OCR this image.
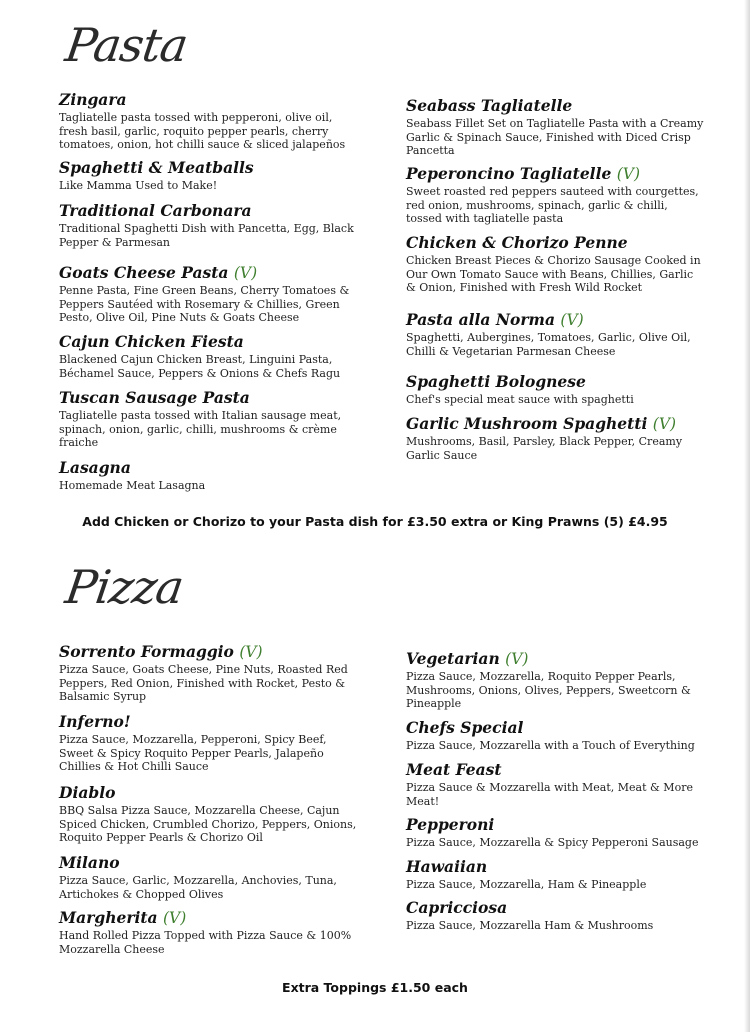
Pasta
Zingara
Tagliatelle pasta tossed with pepperoni, olive oil, fresh basil, garlic, roquito pepper pearls, cherry tomatoes, onion, hot chilli sauce & sliced jalapeños
Spaghetti & Meatballs
Like Mamma Used to Make!
Traditional Carbonara
Traditional Spaghetti Dish with Pancetta, Egg, Black Pepper & Parmesan
Goats Cheese Pasta (V)
Penne Pasta, Fine Green Beans, Cherry Tomatoes & Peppers Sautéed with Rosemary & Chillies, Green Pesto, Olive Oil, Pine Nuts & Goats Cheese
Cajun Chicken Fiesta
Blackened Cajun Chicken Breast, Linguini Pasta, Béchamel Sauce, Peppers & Onions & Chefs Ragu
Tuscan Sausage Pasta
Tagliatelle pasta tossed with Italian sausage meat, spinach, onion, garlic, chilli, mushrooms & crème fraiche
Lasagna
Homemade Meat Lasagna
Seabass Tagliatelle
Seabass Fillet Set on Tagliatelle Pasta with a Creamy Garlic & Spinach Sauce, Finished with Diced Crisp Pancetta
Peperoncino Tagliatelle (V)
Sweet roasted red peppers sauteed with courgettes, red onion, mushrooms, spinach, garlic & chilli, tossed with tagliatelle pasta
Chicken & Chorizo Penne
Chicken Breast Pieces & Chorizo Sausage Cooked in Our Own Tomato Sauce with Beans, Chillies, Garlic & Onion, Finished with Fresh Wild Rocket
Pasta alla Norma (V)
Spaghetti, Aubergines, Tomatoes, Garlic, Olive Oil, Chilli & Vegetarian Parmesan Cheese
Spaghetti Bolognese
Chef's special meat sauce with spaghetti
Garlic Mushroom Spaghetti (V)
Mushrooms, Basil, Parsley, Black Pepper, Creamy Garlic Sauce
Add Chicken or Chorizo to your Pasta dish for £3.50 extra or King Prawns (5) £4.95
Pizza
Sorrento Formaggio (V)
Pizza Sauce, Goats Cheese, Pine Nuts, Roasted Red Peppers, Red Onion, Finished with Rocket, Pesto & Balsamic Syrup
Inferno!
Pizza Sauce, Mozzarella, Pepperoni, Spicy Beef, Sweet & Spicy Roquito Pepper Pearls, Jalapeño Chillies & Hot Chilli Sauce
Diablo
BBQ Salsa Pizza Sauce, Mozzarella Cheese, Cajun Spiced Chicken, Crumbled Chorizo, Peppers, Onions, Roquito Pepper Pearls & Chorizo Oil
Milano
Pizza Sauce, Garlic, Mozzarella, Anchovies, Tuna, Artichokes & Chopped Olives
Margherita (V)
Hand Rolled Pizza Topped with Pizza Sauce & 100% Mozzarella Cheese
Vegetarian (V)
Pizza Sauce, Mozzarella, Roquito Pepper Pearls, Mushrooms, Onions, Olives, Peppers, Sweetcorn & Pineapple
Chefs Special
Pizza Sauce, Mozzarella with a Touch of Everything
Meat Feast
Pizza Sauce & Mozzarella with Meat, Meat & More Meat!
Pepperoni
Pizza Sauce, Mozzarella & Spicy Pepperoni Sausage
Hawaiian
Pizza Sauce, Mozzarella, Ham & Pineapple
Capricciosa
Pizza Sauce, Mozzarella Ham & Mushrooms
Extra Toppings £1.50 each
